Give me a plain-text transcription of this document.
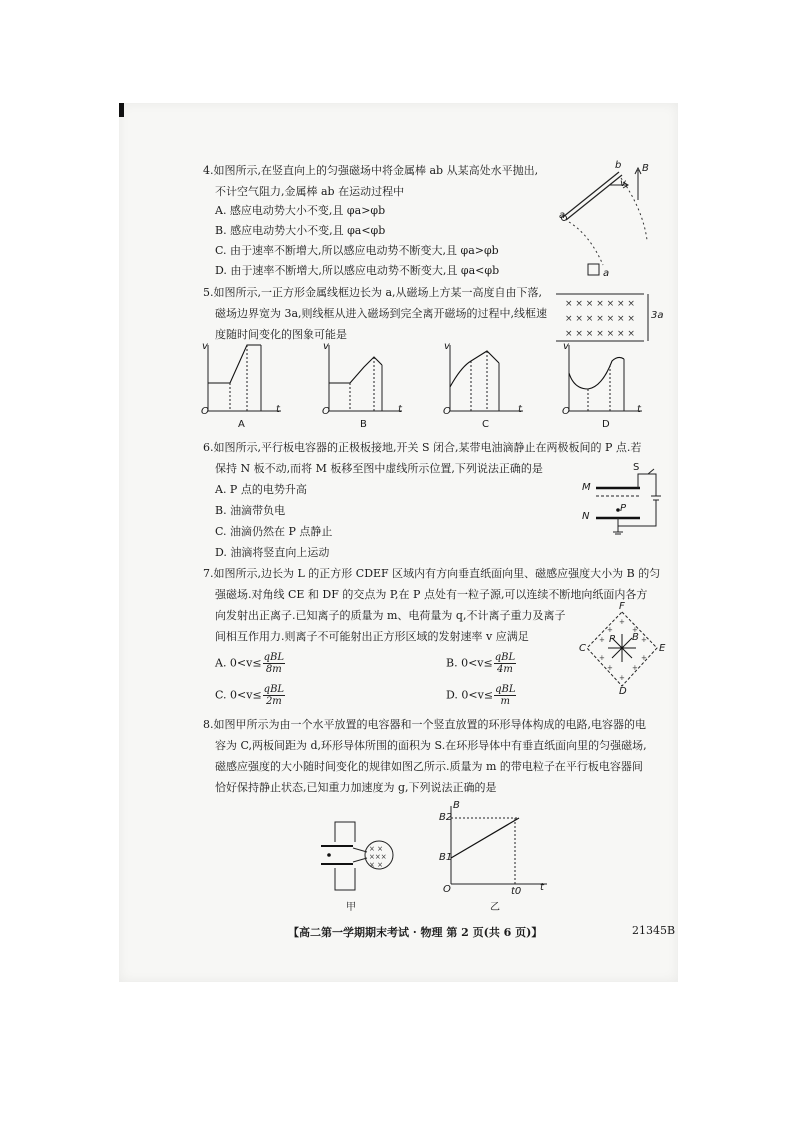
4.如图所示,在竖直向上的匀强磁场中将金属棒 ab 从某高处水平抛出,
不计空气阻力,金属棒 ab 在运动过程中
A. 感应电动势大小不变,且 φa>φb
B. 感应电动势大小不变,且 φa<φb
C. 由于速率不断增大,所以感应电动势不断变大,且 φa>φb
D. 由于速率不断增大,所以感应电动势不断变大,且 φa<φb
b
a
v
B
5.如图所示,一正方形金属线框边长为 a,从磁场上方某一高度自由下落,
磁场边界宽为 3a,则线框从进入磁场到完全离开磁场的过程中,线框速
度随时间变化的图象可能是
a
× × × × × × ×
× × × × × × ×
× × × × × × ×
3a
v
O	t
A
v
O	t
B
v
O	t
C
v
O	t
D
6.如图所示,平行板电容器的正极板接地,开关 S 闭合,某带电油滴静止在两极板间的 P 点.若
保持 N 板不动,而将 M 板移至图中虚线所示位置,下列说法正确的是
A. P 点的电势升高
B. 油滴带负电
C. 油滴仍然在 P 点静止
D. 油滴将竖直向上运动
S
M
N
P
7.如图所示,边长为 L 的正方形 CDEF 区域内有方向垂直纸面向里、磁感应强度大小为 B 的匀
强磁场.对角线 CE 和 DF 的交点为 P,在 P 点处有一粒子源,可以连续不断地向纸面内各方
向发射出正离子.已知离子的质量为 m、电荷量为 q,不计离子重力及离子
间相互作用力.则离子不可能射出正方形区域的发射速率 v 应满足
A. $0<v\le \frac{\text{qBL}}{8m}$	B. $0<v\le \frac{\text{qBL}}{4m}$
C. $0<v\le \frac{\text{qBL}}{2m}$	D. $0<v\le \frac{\text{qBL}}{m}$
+	+
+	+
+	+
+	+
+
+
F
C	E
D
P B
8.如图甲所示为由一个水平放置的电容器和一个竖直放置的环形导体构成的电路,电容器的电
容为 C,两板间距为 d,环形导体所围的面积为 S.在环形导体中有垂直纸面向里的匀强磁场,
磁感应强度的大小随时间变化的规律如图乙所示.质量为 m 的带电粒子在平行板电容器间
恰好保持静止状态,已知重力加速度为 g,下列说法正确的是
× ×
×××
× ×
甲
B
B2
B1
O	t0 t
乙
【高二第一学期期末考试 · 物理 第 2 页(共 6 页)】	21345B
